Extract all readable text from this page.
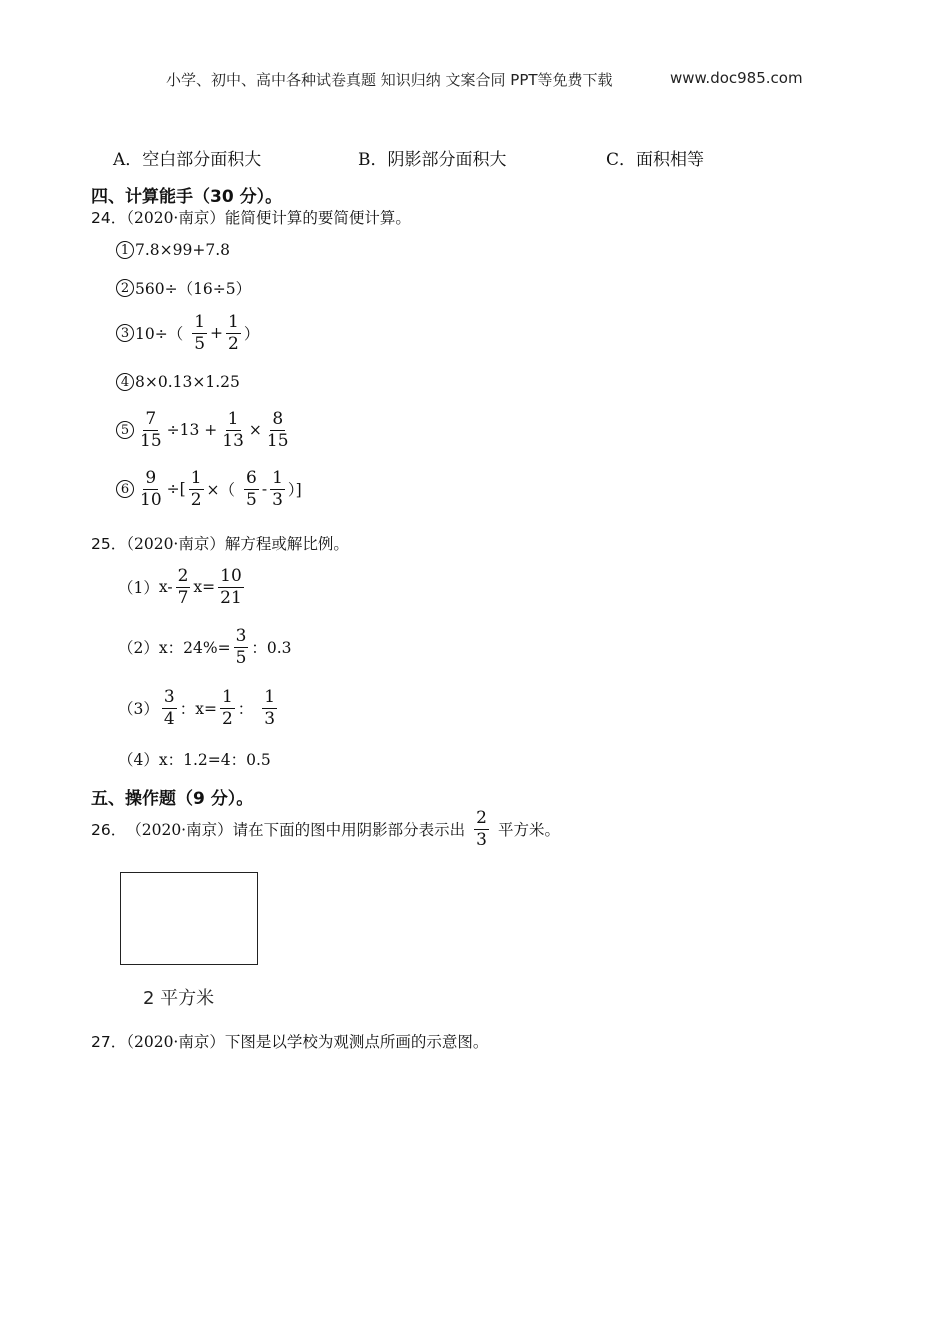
小学、初中、高中各种试卷真题 知识归纳 文案合同 PPT等免费下载	www.doc985.com
A．空白部分面积大	B．阴影部分面积大	C．面积相等
四、计算能手（30 分）。
24．（2020·南京）能简便计算的要简便计算。
1 7.8×99+7.8
2 560÷（16÷5）
3 $10\div( \frac{1}{5} + \frac{1}{2}$ ）
4 8×0.13×1.25
$5 \frac{7}{15} \div 13 + \frac{1}{13} \times \frac{8}{15}$
$6 \frac{9}{10}$ ÷[ $\frac{1}{2}$ ×（ $\frac{6}{5} - \frac{1}{3}$ ）]
25．（2020·南京）解方程或解比例。
（1） $x- \frac{2}{7} x= \frac{10}{21}$
（2） x：$24\%= \frac{3}{5}$ ：0.3
$(3) \frac{3}{4}$ ：$x= \frac{1}{2}$ ： $\frac{1}{3}$
（4） x：1.2=4：0.5
五、操作题（9 分）。
26． （2020·南京）请在下面的图中用阴影部分表示出 $\frac{2}{3}$ 平方米。
2 平方米
27．（2020·南京）下图是以学校为观测点所画的示意图。
